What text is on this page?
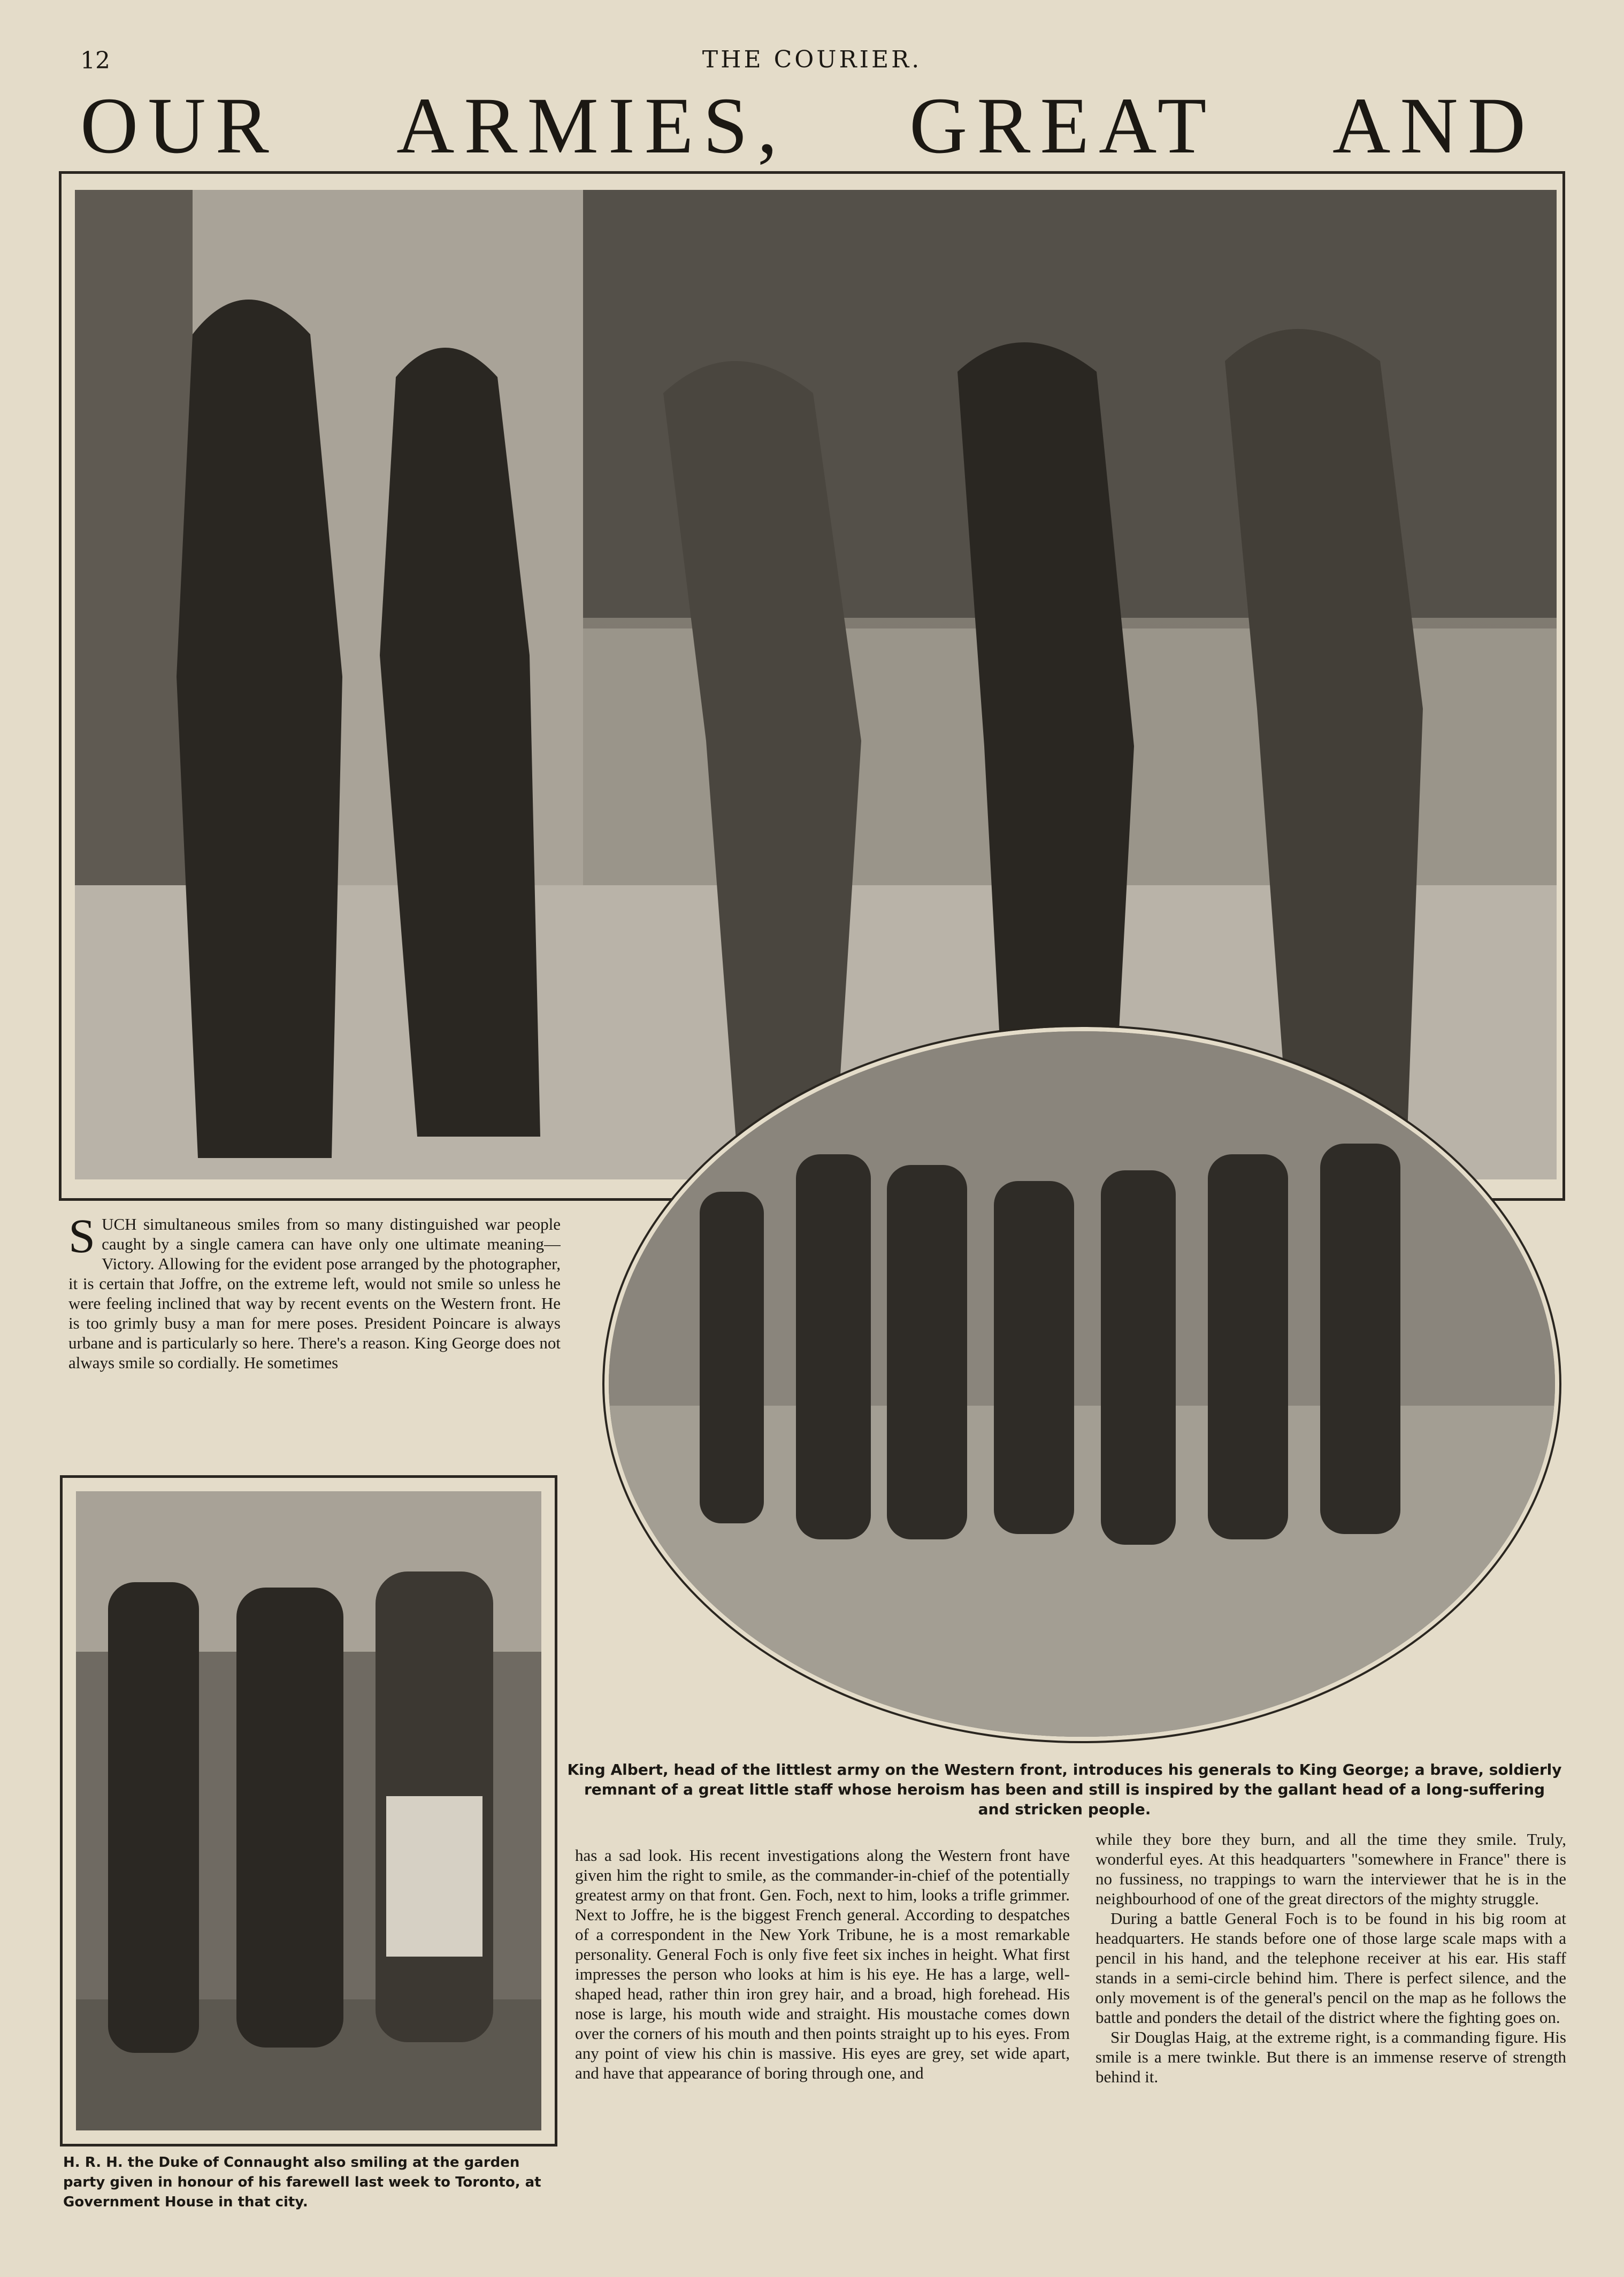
12	THE COURIER.
OUR ARMIES, GREAT AND

S UCH simultaneous smiles from so many distinguished war people caught by a single camera can have only one ultimate meaning—Victory. Allowing for the evident pose arranged by the photographer, it is certain that Joffre, on the extreme left, would not smile so unless he were feeling inclined that way by recent events on the Western front. He is too grimly busy a man for mere poses. President Poincare is always urbane and is particularly so here. There's a reason. King George does not always smile so cordially. He sometimes

King Albert, head of the littlest army on the Western front, introduces his generals to King George; a brave, soldierly remnant of a great little staff whose heroism has been and still is inspired by the gallant head of a long-suffering and stricken people.

has a sad look. His recent investigations along the Western front have given him the right to smile, as the commander-in-chief of the potentially greatest army on that front. Gen. Foch, next to him, looks a trifle grimmer. Next to Joffre, he is the biggest French general. According to despatches of a correspondent in the New York Tribune, he is a most remarkable personality. General Foch is only five feet six inches in height. What first impresses the person who looks at him is his eye. He has a large, well-shaped head, rather thin iron grey hair, and a broad, high forehead. His nose is large, his mouth wide and straight. His moustache comes down over the corners of his mouth and then points straight up to his eyes. From any point of view his chin is massive. His eyes are grey, set wide apart, and have that appearance of boring through one, and

while they bore they burn, and all the time they smile. Truly, wonderful eyes. At this headquarters "somewhere in France" there is no fussiness, no trappings to warn the interviewer that he is in the neighbourhood of one of the great directors of the mighty struggle.

During a battle General Foch is to be found in his big room at headquarters. He stands before one of those large scale maps with a pencil in his hand, and the telephone receiver at his ear. His staff stands in a semi-circle behind him. There is perfect silence, and the only movement is of the general's pencil on the map as he follows the battle and ponders the detail of the district where the fighting goes on.

Sir Douglas Haig, at the extreme right, is a commanding figure. His smile is a mere twinkle. But there is an immense reserve of strength behind it.

H. R. H. the Duke of Connaught also smiling at the garden party given in honour of his farewell last week to Toronto, at Government House in that city.
